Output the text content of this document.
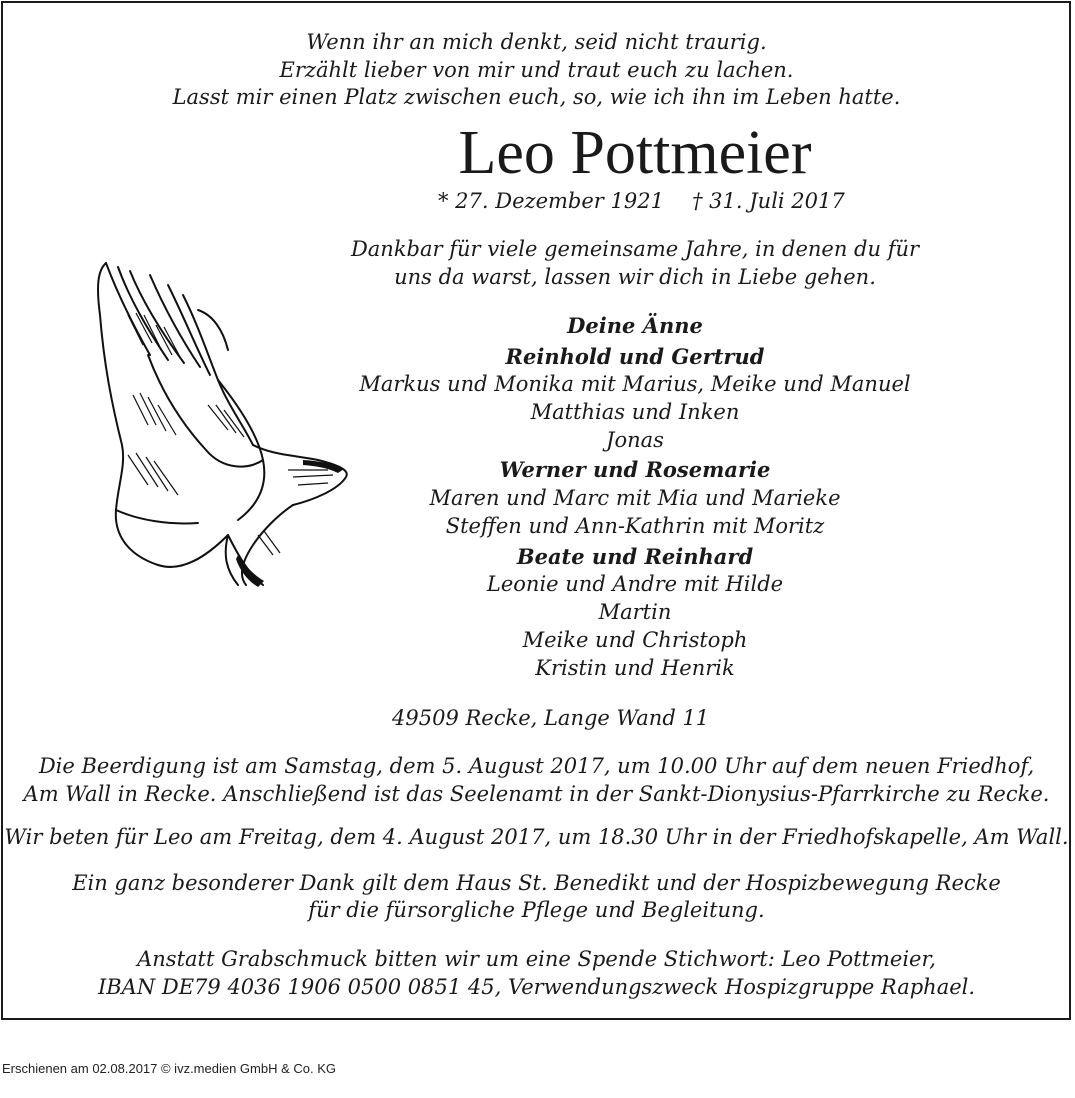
Wenn ihr an mich denkt, seid nicht traurig.
Erzählt lieber von mir und traut euch zu lachen.
Lasst mir einen Platz zwischen euch, so, wie ich ihn im Leben hatte.
Leo Pottmeier
* 27. Dezember 1921 † 31. Juli 2017
Dankbar für viele gemeinsame Jahre, in denen du für
uns da warst, lassen wir dich in Liebe gehen.
Deine Änne
Reinhold und Gertrud
Markus und Monika mit Marius, Meike und Manuel
Matthias und Inken
Jonas
Werner und Rosemarie
Maren und Marc mit Mia und Marieke
Steffen und Ann-Kathrin mit Moritz
Beate und Reinhard
Leonie und Andre mit Hilde
Martin
Meike und Christoph
Kristin und Henrik
49509 Recke, Lange Wand 11
Die Beerdigung ist am Samstag, dem 5. August 2017, um 10.00 Uhr auf dem neuen Friedhof,
Am Wall in Recke. Anschließend ist das Seelenamt in der Sankt-Dionysius-Pfarrkirche zu Recke.
Wir beten für Leo am Freitag, dem 4. August 2017, um 18.30 Uhr in der Friedhofskapelle, Am Wall.
Ein ganz besonderer Dank gilt dem Haus St. Benedikt und der Hospizbewegung Recke
für die fürsorgliche Pflege und Begleitung.
Anstatt Grabschmuck bitten wir um eine Spende Stichwort: Leo Pottmeier,
IBAN DE79 4036 1906 0500 0851 45, Verwendungszweck Hospizgruppe Raphael.
Erschienen am 02.08.2017 © ivz.medien GmbH & Co. KG
